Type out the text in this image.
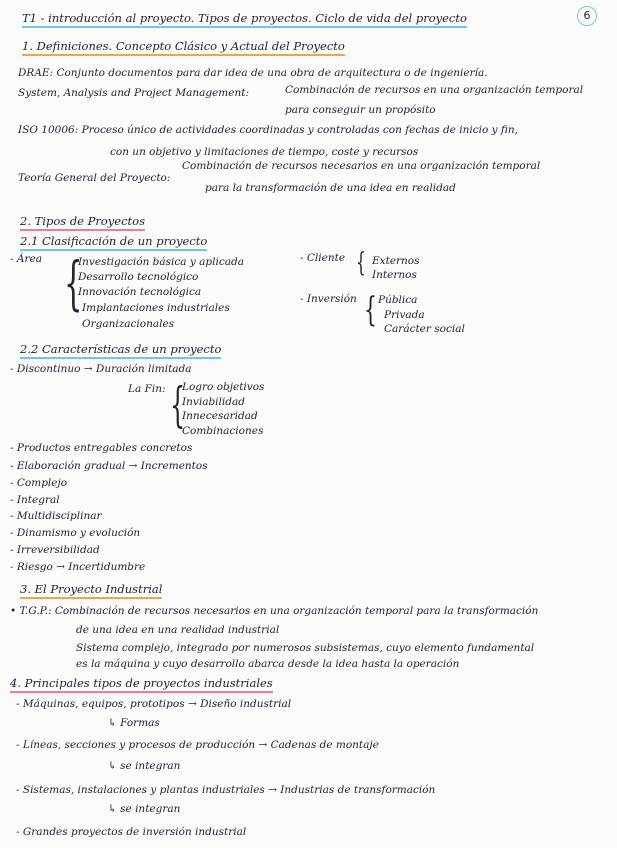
6
T1 - introducción al proyecto. Tipos de proyectos. Ciclo de vida del proyecto
1. Definiciones. Concepto Clásico y Actual del Proyecto
DRAE: Conjunto documentos para dar idea de una obra de arquitectura o de ingeniería.
System, Analysis and Project Management:	Combinación de recursos en una organización temporal
para conseguir un propósito
ISO 10006: Proceso único de actividades coordinadas y controladas con fechas de inicio y fin,
con un objetivo y limitaciones de tiempo, coste y recursos
Teoría General del Proyecto:
Combinación de recursos necesarios en una organización temporal
para la transformación de una idea en realidad
2. Tipos de Proyectos
2.1 Clasificación de un proyecto
- Área {
Investigación básica y aplicada
Desarrollo tecnológico
Innovación tecnológica
Implantaciones industriales
Organizacionales
- Cliente { Externos
Internos
- Inversión { Pública
Privada
Carácter social
2.2 Características de un proyecto
- Discontinuo → Duración limitada
La Fin: {
Logro objetivos
Inviabilidad
Innecesaridad
Combinaciones
- Productos entregables concretos
- Elaboración gradual → Incrementos
- Complejo
- Integral
- Multidisciplinar
- Dinamismo y evolución
- Irreversibilidad
- Riesgo → Incertidumbre
3. El Proyecto Industrial
• T.G.P.: Combinación de recursos necesarios en una organización temporal para la transformación
de una idea en una realidad industrial
Sistema complejo, integrado por numerosos subsistemas, cuyo elemento fundamental
es la máquina y cuyo desarrollo abarca desde la idea hasta la operación
4. Principales tipos de proyectos industriales
- Máquinas, equipos, prototipos → Diseño industrial
↳ Formas
- Líneas, secciones y procesos de producción → Cadenas de montaje
↳ se integran
- Sistemas, instalaciones y plantas industriales → Industrias de transformación
↳ se integran
- Grandes proyectos de inversión industrial
